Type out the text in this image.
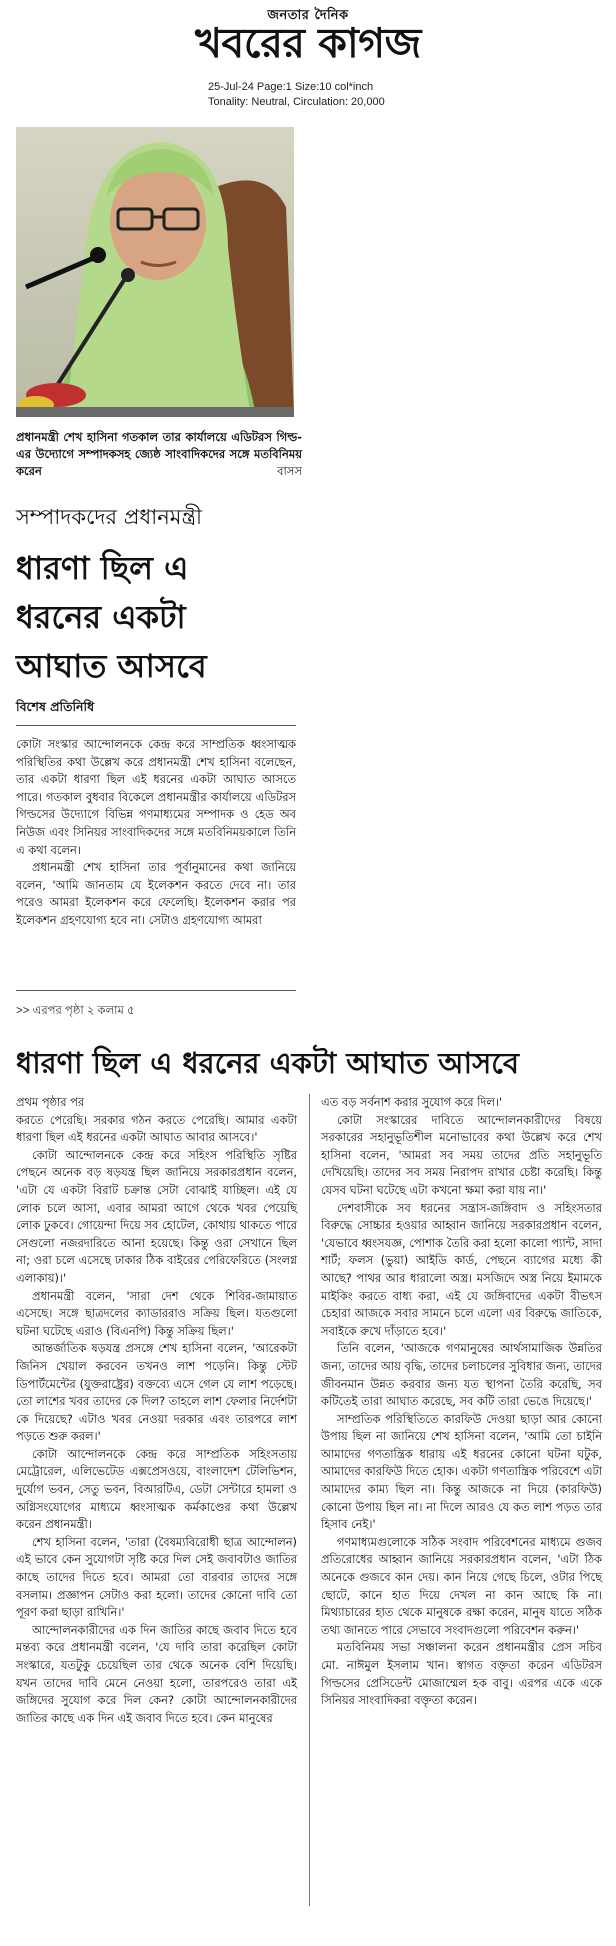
জনতার দৈনিক
খবরের কাগজ
25-Jul-24 Page:1 Size:10 col*inch
Tonality: Neutral, Circulation: 20,000
প্রধানমন্ত্রী শেখ হাসিনা গতকাল তার কার্যালয়ে এডিটরস গিল্ড-এর উদ্যোগে সম্পাদকসহ জ্যেষ্ঠ সাংবাদিকদের সঙ্গে মতবিনিময় করেন	বাসস
সম্পাদকদের প্রধানমন্ত্রী
ধারণা ছিল এ ধরনের একটা আঘাত আসবে
বিশেষ প্রতিনিধি

কোটা সংস্কার আন্দোলনকে কেন্দ্র করে সাম্প্রতিক ধ্বংসাত্মক পরিস্থিতির কথা উল্লেখ করে প্রধানমন্ত্রী শেখ হাসিনা বলেছেন, তার একটা ধারণা ছিল এই ধরনের একটা আঘাত আসতে পারে। গতকাল বুধবার বিকেলে প্রধানমন্ত্রীর কার্যালয়ে এডিটরস গিল্ডসের উদ্যোগে বিভিন্ন গণমাধ্যমের সম্পাদক ও হেড অব নিউজ এবং সিনিয়র সাংবাদিকদের সঙ্গে মতবিনিময়কালে তিনি এ কথা বলেন।

প্রধানমন্ত্রী শেখ হাসিনা তার পূর্বানুমানের কথা জানিয়ে বলেন, 'আমি জানতাম যে ইলেকশন করতে দেবে না। তার পরেও আমরা ইলেকশন করে ফেলেছি। ইলেকশন করার পর ইলেকশন গ্রহণযোগ্য হবে না। সেটাও গ্রহণযোগ্য আমরা

>> এরপর পৃষ্ঠা ২ কলাম ৫
ধারণা ছিল এ ধরনের একটা আঘাত আসবে

প্রথম পৃষ্ঠার পর

করতে পেরেছি। সরকার গঠন করতে পেরেছি। আমার একটা ধারণা ছিল এই ধরনের একটা আঘাত আবার আসবে।'

কোটা আন্দোলনকে কেন্দ্র করে সহিংস পরিস্থিতি সৃষ্টির পেছনে অনেক বড় ষড়যন্ত্র ছিল জানিয়ে সরকারপ্রধান বলেন, 'এটা যে একটা বিরাট চক্রান্ত সেটা বোঝাই যাচ্ছিল। এই যে লোক চলে আসা, এবার আমরা আগে থেকে খবর পেয়েছি লোক ঢুকবে। গোয়েন্দা দিয়ে সব হোটেল, কোথায় থাকতে পারে সেগুলো নজরদারিতে আনা হয়েছে। কিন্তু ওরা সেখানে ছিল না; ওরা চলে এসেছে ঢাকার ঠিক বাইরের পেরিফেরিতে (সংলগ্ন এলাকায়)।'

প্রধানমন্ত্রী বলেন, 'সারা দেশ থেকে শিবির-জামায়াত এসেছে। সঙ্গে ছাত্রদলের ক্যাডাররাও সক্রিয় ছিল। যতগুলো ঘটনা ঘটেছে এরাও (বিএনপি) কিন্তু সক্রিয় ছিল।'

আন্তর্জাতিক ষড়যন্ত্র প্রসঙ্গে শেখ হাসিনা বলেন, 'আরেকটা জিনিস খেয়াল করবেন তখনও লাশ পড়েনি। কিন্তু স্টেট ডিপার্টমেন্টের (যুক্তরাষ্ট্রের) বক্তব্যে এসে গেল যে লাশ পড়েছে। তো লাশের খবর তাদের কে দিল? তাহলে লাশ ফেলার নির্দেশটা কে দিয়েছে? এটাও খবর নেওয়া দরকার এবং তারপরে লাশ পড়তে শুরু করল।'

কোটা আন্দোলনকে কেন্দ্র করে সাম্প্রতিক সহিংসতায় মেট্রোরেল, এলিভেটেড এক্সপ্রেসওয়ে, বাংলাদেশ টেলিভিশন, দুর্যোগ ভবন, সেতু ভবন, বিআরটিএ, ডেটা সেন্টারে হামলা ও অগ্নিসংযোগের মাধ্যমে ধ্বংসাত্মক কর্মকাণ্ডের কথা উল্লেখ করেন প্রধানমন্ত্রী।

শেখ হাসিনা বলেন, 'তারা (বৈষম্যবিরোধী ছাত্র আন্দোলন) এই ভাবে কেন সুযোগটা সৃষ্টি করে দিল সেই জবাবটাও জাতির কাছে তাদের দিতে হবে। আমরা তো বারবার তাদের সঙ্গে বসলাম। প্রজ্ঞাপন সেটাও করা হলো। তাদের কোনো দাবি তো পূরণ করা ছাড়া রাখিনি।'

আন্দোলনকারীদের এক দিন জাতির কাছে জবাব দিতে হবে মন্তব্য করে প্রধানমন্ত্রী বলেন, 'যে দাবি তারা করেছিল কোটা সংস্কারে, যতটুকু চেয়েছিল তার থেকে অনেক বেশি দিয়েছি। যখন তাদের দাবি মেনে নেওয়া হলো, তারপরেও তারা এই জঙ্গিদের সুযোগ করে দিল কেন? কোটা আন্দোলনকারীদের জাতির কাছে এক দিন এই জবাব দিতে হবে। কেন মানুষের

এত বড় সর্বনাশ করার সুযোগ করে দিল।'

কোটা সংস্কারের দাবিতে আন্দোলনকারীদের বিষয়ে সরকারের সহানুভূতিশীল মনোভাবের কথা উল্লেখ করে শেখ হাসিনা বলেন, 'আমরা সব সময় তাদের প্রতি সহানুভূতি দেখিয়েছি। তাদের সব সময় নিরাপদ রাখার চেষ্টা করেছি। কিন্তু যেসব ঘটনা ঘটেছে এটা কখনো ক্ষমা করা যায় না।'

দেশবাসীকে সব ধরনের সন্ত্রাস-জঙ্গিবাদ ও সহিংসতার বিরুদ্ধে সোচ্চার হওয়ার আহ্বান জানিয়ে সরকারপ্রধান বলেন, 'যেভাবে ধ্বংসযজ্ঞ, পোশাক তৈরি করা হলো কালো প্যান্ট, সাদা শার্ট; ফলস (ভুয়া) আইডি কার্ড, পেছনে ব্যাগের মধ্যে কী আছে? পাথর আর ধারালো অস্ত্র। মসজিদে অস্ত্র নিয়ে ইমামকে মাইকিং করতে বাধ্য করা, এই যে জঙ্গিবাদের একটা বীভৎস চেহারা আজকে সবার সামনে চলে এলো এর বিরুদ্ধে জাতিকে, সবাইকে রুখে দাঁড়াতে হবে।'

তিনি বলেন, 'আজকে গণমানুষের আর্থসামাজিক উন্নতির জন্য, তাদের আয় বৃদ্ধি, তাদের চলাচলের সুবিধার জন্য, তাদের জীবনমান উন্নত করবার জন্য যত স্থাপনা তৈরি করেছি, সব কটিতেই তারা আঘাত করেছে, সব কটি তারা ভেঙে দিয়েছে।'

সাম্প্রতিক পরিস্থিতিতে কারফিউ দেওয়া ছাড়া আর কোনো উপায় ছিল না জানিয়ে শেখ হাসিনা বলেন, 'আমি তো চাইনি আমাদের গণতান্ত্রিক ধারায় এই ধরনের কোনো ঘটনা ঘটুক, আমাদের কারফিউ দিতে হোক। একটা গণতান্ত্রিক পরিবেশে এটা আমাদের কাম্য ছিল না। কিন্তু আজকে না দিয়ে (কারফিউ) কোনো উপায় ছিল না। না দিলে আরও যে কত লাশ পড়ত তার হিসাব নেই।'

গণমাধ্যমগুলোকে সঠিক সংবাদ পরিবেশনের মাধ্যমে গুজব প্রতিরোধের আহ্বান জানিয়ে সরকারপ্রধান বলেন, 'এটা ঠিক অনেকে গুজবে কান দেয়। কান নিয়ে গেছে চিলে, ওটার পিছে ছোটে, কানে হাত দিয়ে দেখল না কান আছে কি না। মিথ্যাচারের হাত থেকে মানুষকে রক্ষা করেন, মানুষ যাতে সঠিক তথ্য জানতে পারে সেভাবে সংবাদগুলো পরিবেশন করুন।'

মতবিনিময় সভা সঞ্চালনা করেন প্রধানমন্ত্রীর প্রেস সচিব মো. নাঈমুল ইসলাম খান। স্বাগত বক্তৃতা করেন এডিটরস গিল্ডসের প্রেসিডেন্ট মোজাম্মেল হক বাবু। এরপর একে একে সিনিয়র সাংবাদিকরা বক্তৃতা করেন।
